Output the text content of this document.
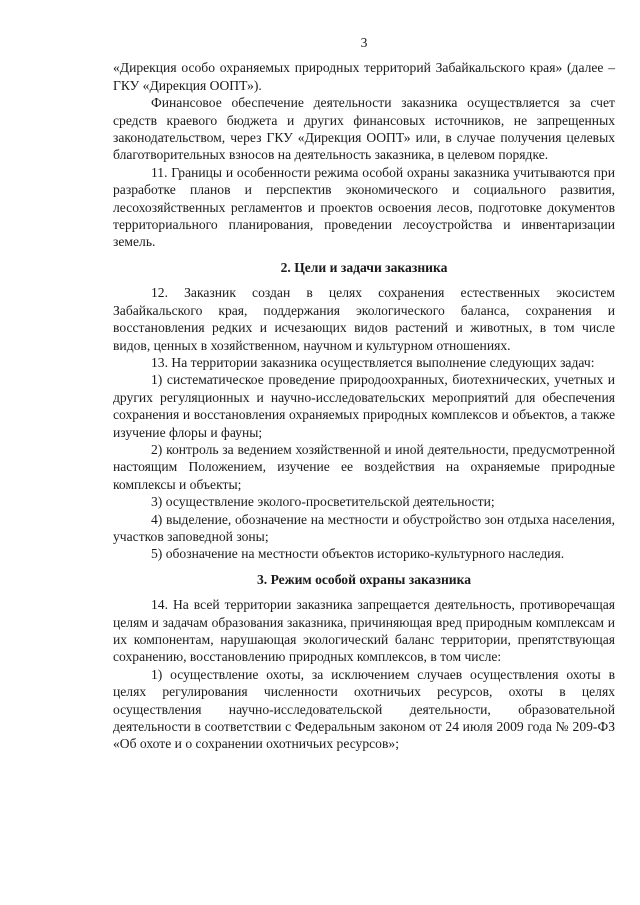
3

«Дирекция особо охраняемых природных территорий Забайкальского края» (далее – ГКУ «Дирекция ООПТ»).

Финансовое обеспечение деятельности заказника осуществляется за счет средств краевого бюджета и других финансовых источников, не запрещенных законодательством, через ГКУ «Дирекция ООПТ» или, в случае получения целевых благотворительных взносов на деятельность заказника, в целевом порядке.

11. Границы и особенности режима особой охраны заказника учитываются при разработке планов и перспектив экономического и социального развития, лесохозяйственных регламентов и проектов освоения лесов, подготовке документов территориального планирования, проведении лесоустройства и инвентаризации земель.

2. Цели и задачи заказника

12. Заказник создан в целях сохранения естественных экосистем Забайкальского края, поддержания экологического баланса, сохранения и восстановления редких и исчезающих видов растений и животных, в том числе видов, ценных в хозяйственном, научном и культурном отношениях.

13. На территории заказника осуществляется выполнение следующих задач:

1) систематическое проведение природоохранных, биотехнических, учетных и других регуляционных и научно-исследовательских мероприятий для обеспечения сохранения и восстановления охраняемых природных комплексов и объектов, а также изучение флоры и фауны;

2) контроль за ведением хозяйственной и иной деятельности, предусмотренной настоящим Положением, изучение ее воздействия на охраняемые природные комплексы и объекты;

3) осуществление эколого-просветительской деятельности;

4) выделение, обозначение на местности и обустройство зон отдыха населения, участков заповедной зоны;

5) обозначение на местности объектов историко-культурного наследия.

3. Режим особой охраны заказника

14. На всей территории заказника запрещается деятельность, противоречащая целям и задачам образования заказника, причиняющая вред природным комплексам и их компонентам, нарушающая экологический баланс территории, препятствующая сохранению, восстановлению природных комплексов, в том числе:

1) осуществление охоты, за исключением случаев осуществления охоты в целях регулирования численности охотничьих ресурсов, охоты в целях осуществления научно-исследовательской деятельности, образовательной деятельности в соответствии с Федеральным законом от 24 июля 2009 года № 209-ФЗ «Об охоте и о сохранении охотничьих ресурсов»;
